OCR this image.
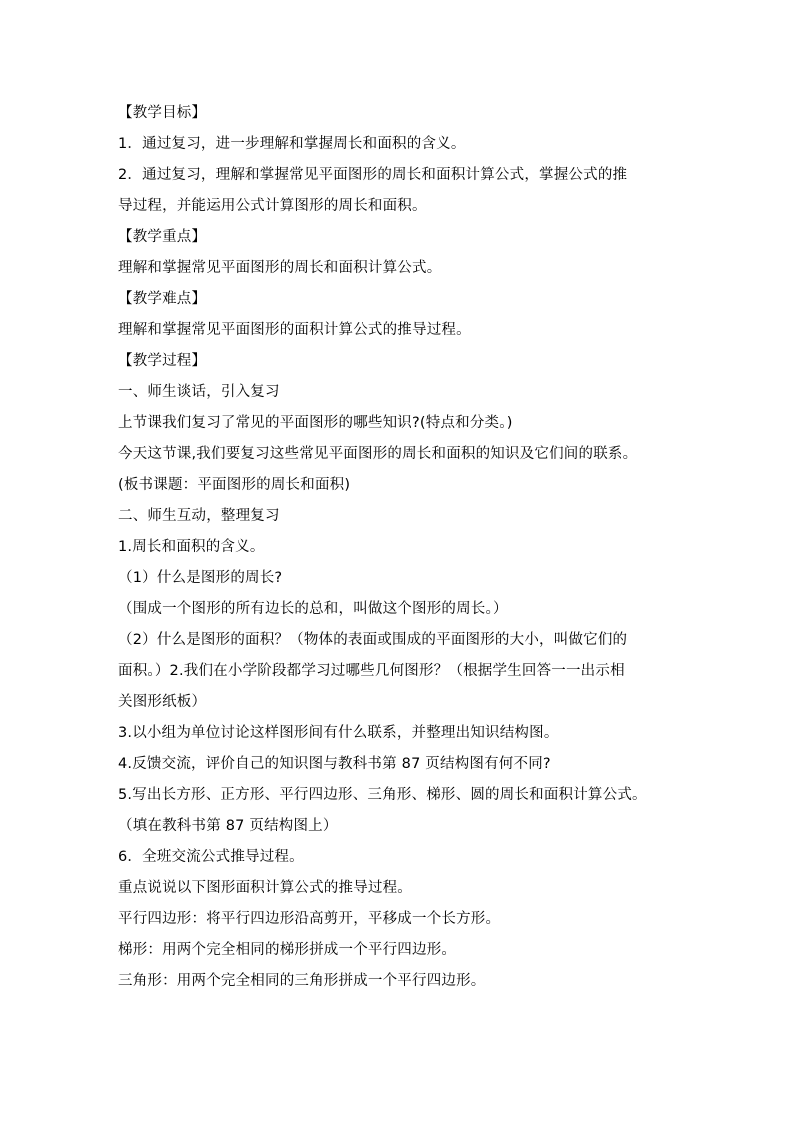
【教学目标】
1．通过复习，进一步理解和掌握周长和面积的含义。
2．通过复习，理解和掌握常见平面图形的周长和面积计算公式，掌握公式的推
导过程，并能运用公式计算图形的周长和面积。
【教学重点】
理解和掌握常见平面图形的周长和面积计算公式。
【教学难点】
理解和掌握常见平面图形的面积计算公式的推导过程。
【教学过程】
一、师生谈话，引入复习
上节课我们复习了常见的平面图形的哪些知识?(特点和分类。)
今天这节课,我们要复习这些常见平面图形的周长和面积的知识及它们间的联系。
(板书课题：平面图形的周长和面积)
二、师生互动，整理复习
1.周长和面积的含义。
（1）什么是图形的周长?
（围成一个图形的所有边长的总和，叫做这个图形的周长。）
（2）什么是图形的面积？（物体的表面或围成的平面图形的大小，叫做它们的
面积。）2.我们在小学阶段都学习过哪些几何图形？（根据学生回答一一出示相
关图形纸板）
3.以小组为单位讨论这样图形间有什么联系，并整理出知识结构图。
4.反馈交流，评价自己的知识图与教科书第 87 页结构图有何不同?
5.写出长方形、正方形、平行四边形、三角形、梯形、圆的周长和面积计算公式。
（填在教科书第 87 页结构图上）
6．全班交流公式推导过程。
重点说说以下图形面积计算公式的推导过程。
平行四边形：将平行四边形沿高剪开，平移成一个长方形。
梯形：用两个完全相同的梯形拼成一个平行四边形。
三角形：用两个完全相同的三角形拼成一个平行四边形。
